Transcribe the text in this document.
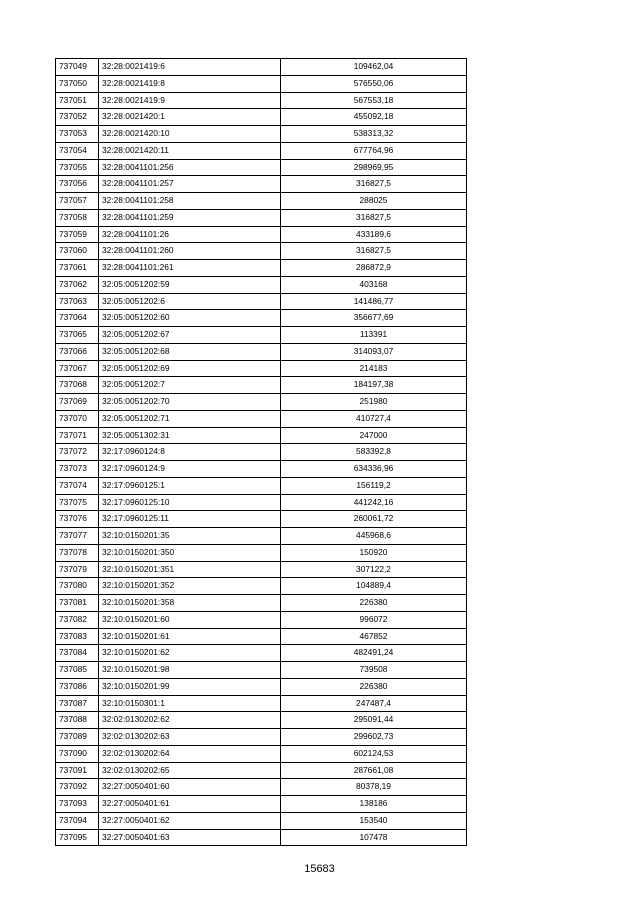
737049	32:28:0021419:6	109462,04
737050	32:28:0021419:8	576550,06
737051	32:28:0021419:9	567553,18
737052	32:28:0021420:1	455092,18
737053	32:28:0021420:10	538313,32
737054	32:28:0021420:11	677764,96
737055	32:28:0041101:256	298969,95
737056	32:28:0041101:257	316827,5
737057	32:28:0041101:258	288025
737058	32:28:0041101:259	316827,5
737059	32:28:0041101:26	433189,6
737060	32:28:0041101:260	316827,5
737061	32:28:0041101:261	286872,9
737062	32:05:0051202:59	403168
737063	32:05:0051202:6	141486,77
737064	32:05:0051202:60	356677,69
737065	32:05:0051202:67	113391
737066	32:05:0051202:68	314093,07
737067	32:05:0051202:69	214183
737068	32:05:0051202:7	184197,38
737069	32:05:0051202:70	251980
737070	32:05:0051202:71	410727,4
737071	32:05:0051302:31	247000
737072	32:17:0960124:8	583392,8
737073	32:17:0960124:9	634336,96
737074	32:17:0960125:1	156119,2
737075	32:17:0960125:10	441242,16
737076	32:17:0960125:11	260061,72
737077	32:10:0150201:35	445968,6
737078	32:10:0150201:350	150920
737079	32:10:0150201:351	307122,2
737080	32:10:0150201:352	104889,4
737081	32:10:0150201:358	226380
737082	32:10:0150201:60	996072
737083	32:10:0150201:61	467852
737084	32:10:0150201:62	482491,24
737085	32:10:0150201:98	739508
737086	32:10:0150201:99	226380
737087	32:10:0150301:1	247487,4
737088	32:02:0130202:62	295091,44
737089	32:02:0130202:63	299602,73
737090	32:02:0130202:64	602124,53
737091	32:02:0130202:65	287661,08
737092	32:27:0050401:60	80378,19
737093	32:27:0050401:61	138186
737094	32:27:0050401:62	153540
737095	32:27:0050401:63	107478
15683
